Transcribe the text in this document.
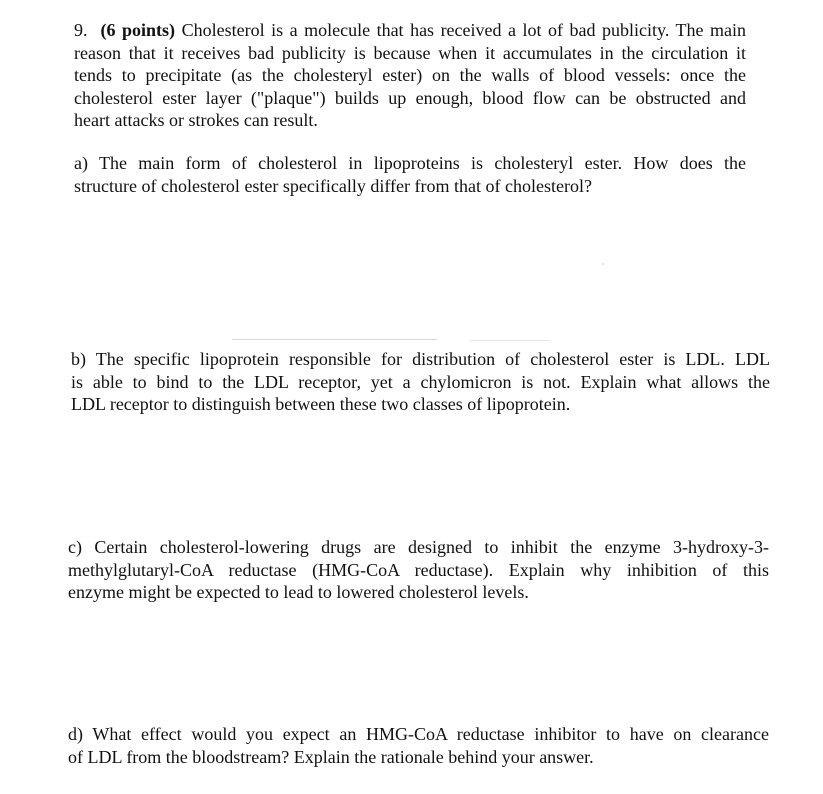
9. (6 points) Cholesterol is a molecule that has received a lot of bad publicity. The main
reason that it receives bad publicity is because when it accumulates in the circulation it
tends to precipitate (as the cholesteryl ester) on the walls of blood vessels: once the
cholesterol ester layer ("plaque") builds up enough, blood flow can be obstructed and
heart attacks or strokes can result.
a) The main form of cholesterol in lipoproteins is cholesteryl ester. How does the
structure of cholesterol ester specifically differ from that of cholesterol?
b) The specific lipoprotein responsible for distribution of cholesterol ester is LDL. LDL
is able to bind to the LDL receptor, yet a chylomicron is not. Explain what allows the
LDL receptor to distinguish between these two classes of lipoprotein.
c) Certain cholesterol-lowering drugs are designed to inhibit the enzyme 3-hydroxy-3-
methylglutaryl-CoA reductase (HMG-CoA reductase). Explain why inhibition of this
enzyme might be expected to lead to lowered cholesterol levels.
d) What effect would you expect an HMG-CoA reductase inhibitor to have on clearance
of LDL from the bloodstream? Explain the rationale behind your answer.
